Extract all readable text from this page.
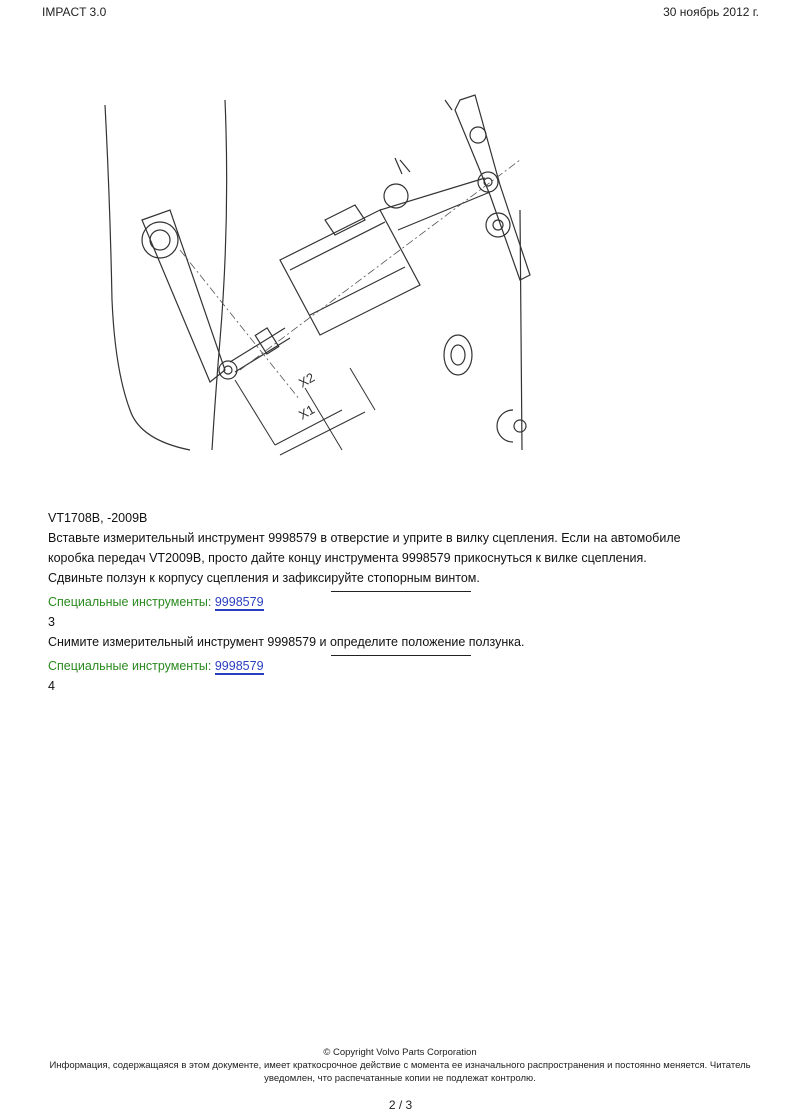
IMPACT 3.0	30 ноябрь 2012 г.
X2
X1

VT1708B, -2009B

Вставьте измерительный инструмент 9998579 в отверстие и уприте в вилку сцепления. Если на автомобиле

коробка передач VT2009B, просто дайте концу инструмента 9998579 прикоснуться к вилке сцепления.

Сдвиньте ползун к корпусу сцепления и зафиксируйте стопорным винтом.

Специальные инструменты: 9998579

3

Снимите измерительный инструмент 9998579 и определите положение ползунка.

Специальные инструменты: 9998579

4

© Copyright Volvo Parts Corporation
Информация, содержащаяся в этом документе, имеет краткосрочное действие с момента ее изначального распространения и постоянно меняется. Читатель
уведомлен, что распечатанные копии не подлежат контролю.
2 / 3
